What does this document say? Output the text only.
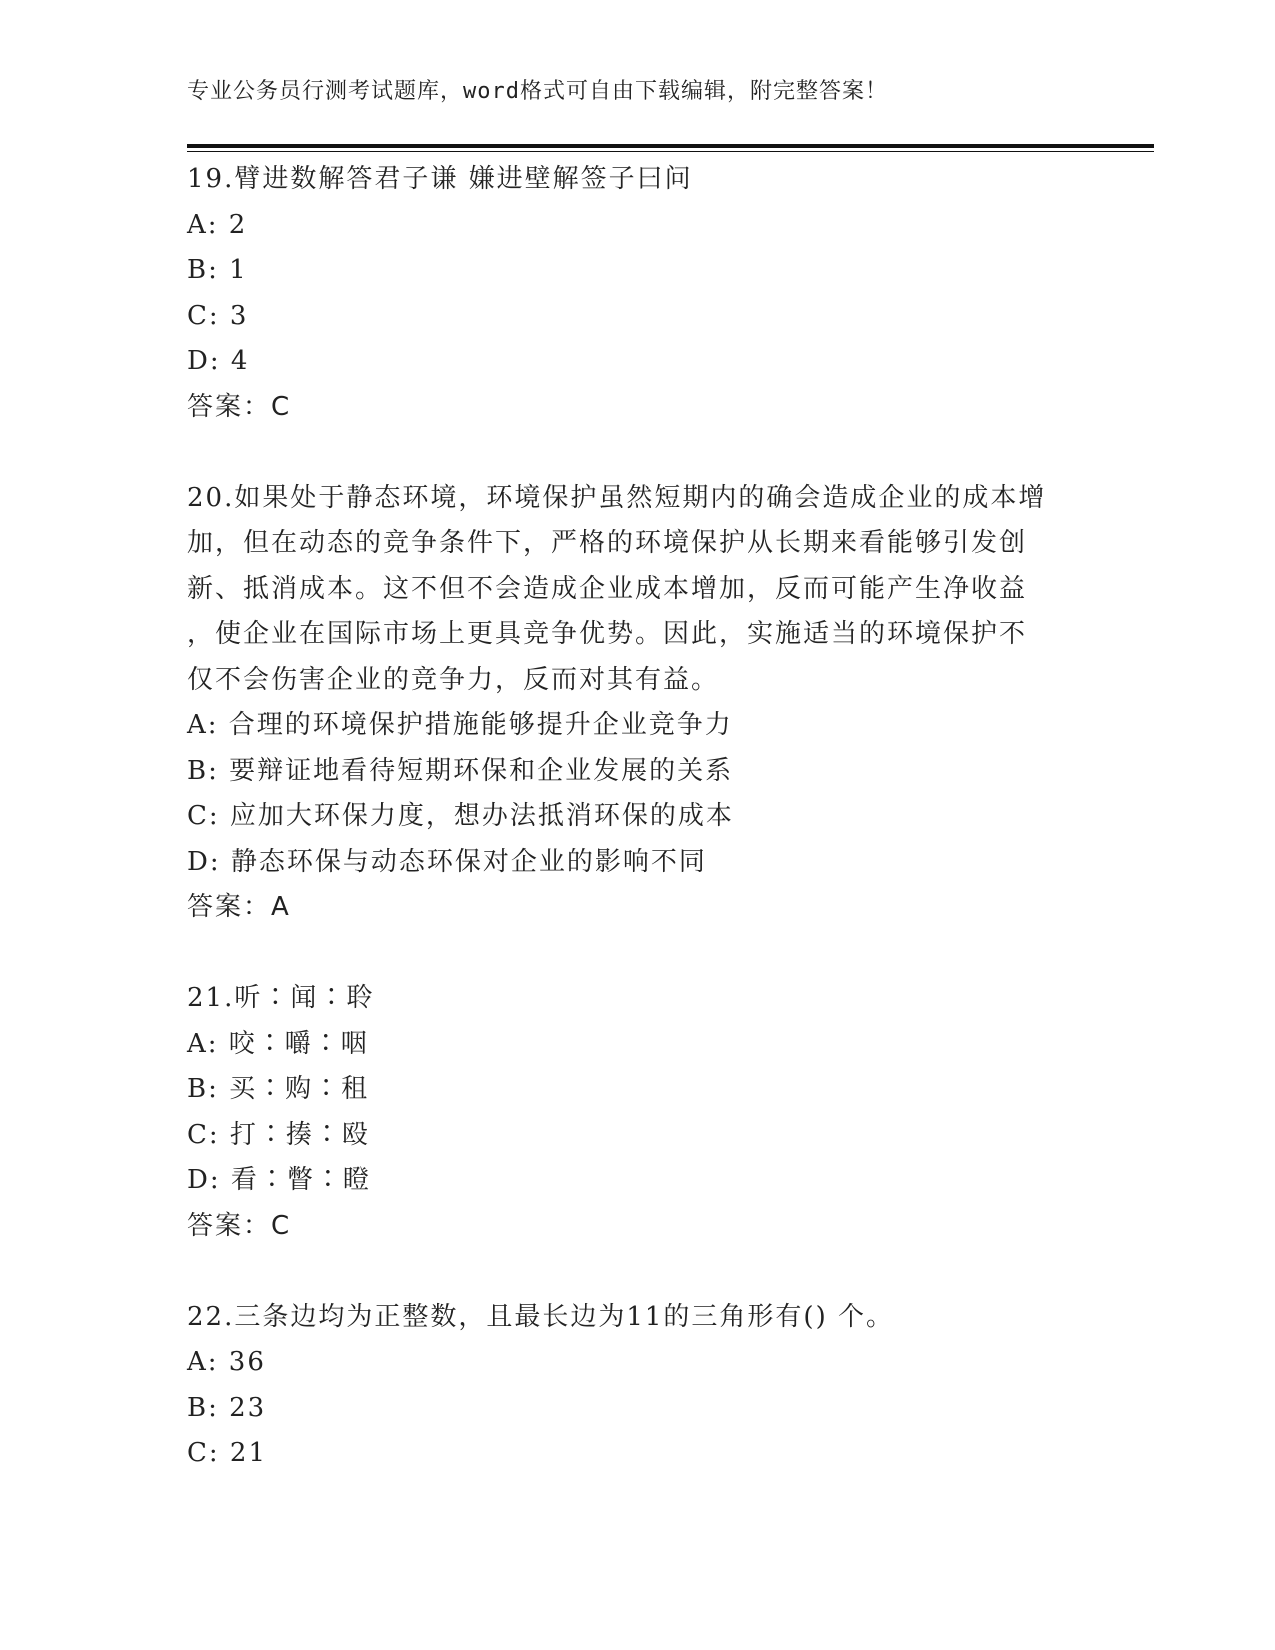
专业公务员行测考试题库，word格式可自由下载编辑，附完整答案！
19.臂进数解答君子谦 嫌进壁解签子曰问
A: 2
B: 1
C: 3
D: 4
答案：C
20.如果处于静态环境，环境保护虽然短期内的确会造成企业的成本增
加，但在动态的竞争条件下，严格的环境保护从长期来看能够引发创
新、抵消成本。这不但不会造成企业成本增加，反而可能产生净收益
，使企业在国际市场上更具竞争优势。因此，实施适当的环境保护不
仅不会伤害企业的竞争力，反而对其有益。
A: 合理的环境保护措施能够提升企业竞争力
B: 要辩证地看待短期环保和企业发展的关系
C: 应加大环保力度，想办法抵消环保的成本
D: 静态环保与动态环保对企业的影响不同
答案：A
21.听∶闻∶聆
A: 咬∶嚼∶咽
B: 买∶购∶租
C: 打∶揍∶殴
D: 看∶瞥∶瞪
答案：C
22.三条边均为正整数，且最长边为11的三角形有() 个。
A: 36
B: 23
C: 21
